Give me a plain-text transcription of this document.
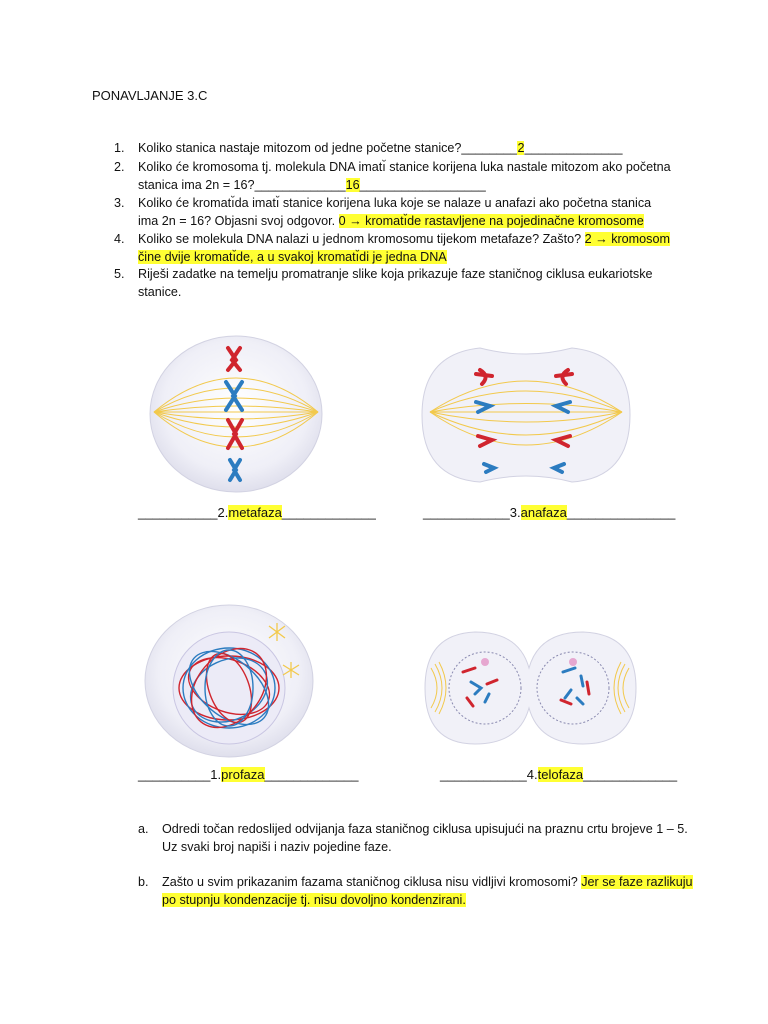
PONAVLJANJE 3.C
1.	Koliko stanica nastaje mitozom od jedne početne stanice?________2______________
2.	Koliko će kromosoma tj. molekula DNA imatı̆ stanice korijena luka nastale mitozom ako početna stanica ima 2n = 16?_____________16__________________
3.	Koliko će kromatı̆da imatı̆ stanice korijena luka koje se nalaze u anafazi ako početna stanica ima 2n = 16? Objasni svoj odgovor. 0 → kromatı̆de rastavljene na pojedinačne kromosome
4.	Koliko se molekula DNA nalazi u jednom kromosomu tijekom metafaze? Zašto? 2 → kromosom čine dvije kromatı̆de, a u svakoj kromatı̆di je jedna DNA
5.	Riješi zadatke na temelju promatranje slike koja prikazuje faze staničnog ciklusa eukariotske stanice.
___________2.metafaza_____________	____________3.anafaza_______________
__________1.profaza_____________	____________4.telofaza_____________
a. Odredi točan redoslijed odvijanja faza staničnog ciklusa upisujući na praznu crtu brojeve 1 – 5.
Uz svaki broj napiši i naziv pojedine faze.
b. Zašto u svim prikazanim fazama staničnog ciklusa nisu vidljivi kromosomi? Jer se faze razlikuju po stupnju kondenzacije tj. nisu dovoljno kondenzirani.
